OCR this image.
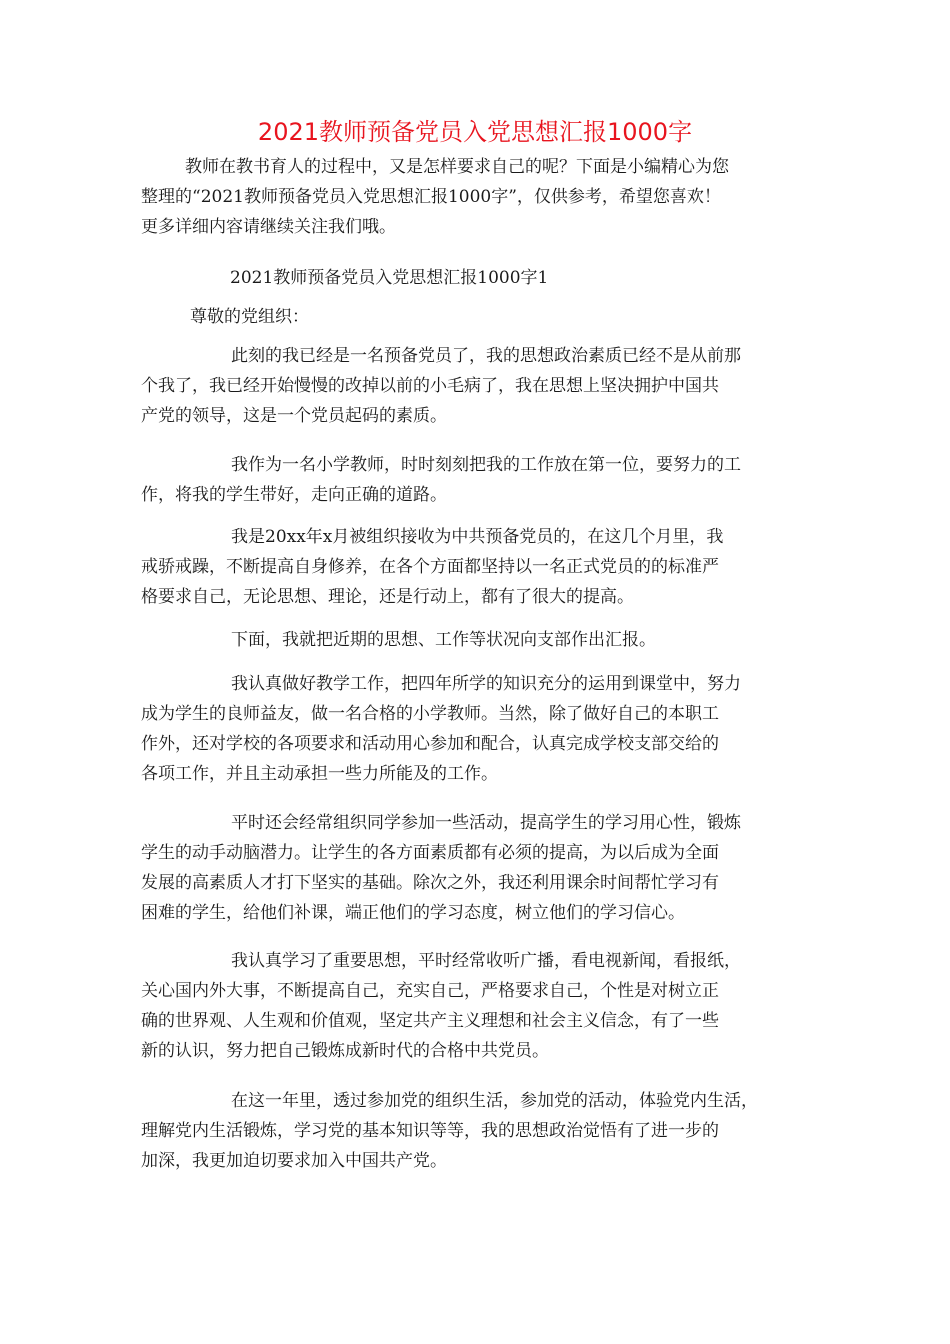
2021教师预备党员入党思想汇报1000字
教师在教书育人的过程中，又是怎样要求自己的呢？下面是小编精心为您
整理的“2021教师预备党员入党思想汇报1000字”，仅供参考，希望您喜欢！
更多详细内容请继续关注我们哦。

2021教师预备党员入党思想汇报1000字1

尊敬的党组织：

此刻的我已经是一名预备党员了，我的思想政治素质已经不是从前那
个我了，我已经开始慢慢的改掉以前的小毛病了，我在思想上坚决拥护中国共
产党的领导，这是一个党员起码的素质。
我作为一名小学教师，时时刻刻把我的工作放在第一位，要努力的工
作，将我的学生带好，走向正确的道路。
我是20xx年x月被组织接收为中共预备党员的，在这几个月里，我
戒骄戒躁，不断提高自身修养，在各个方面都坚持以一名正式党员的的标准严
格要求自己，无论思想、理论，还是行动上，都有了很大的提高。
下面，我就把近期的思想、工作等状况向支部作出汇报。
我认真做好教学工作，把四年所学的知识充分的运用到课堂中，努力
成为学生的良师益友，做一名合格的小学教师。当然，除了做好自己的本职工
作外，还对学校的各项要求和活动用心参加和配合，认真完成学校支部交给的
各项工作，并且主动承担一些力所能及的工作。
平时还会经常组织同学参加一些活动，提高学生的学习用心性，锻炼
学生的动手动脑潜力。让学生的各方面素质都有必须的提高，为以后成为全面
发展的高素质人才打下坚实的基础。除次之外，我还利用课余时间帮忙学习有
困难的学生，给他们补课，端正他们的学习态度，树立他们的学习信心。
我认真学习了重要思想，平时经常收听广播，看电视新闻，看报纸，
关心国内外大事，不断提高自己，充实自己，严格要求自己，个性是对树立正
确的世界观、人生观和价值观，坚定共产主义理想和社会主义信念，有了一些
新的认识，努力把自己锻炼成新时代的合格中共党员。
在这一年里，透过参加党的组织生活，参加党的活动，体验党内生活，
理解党内生活锻炼，学习党的基本知识等等，我的思想政治觉悟有了进一步的
加深，我更加迫切要求加入中国共产党。
